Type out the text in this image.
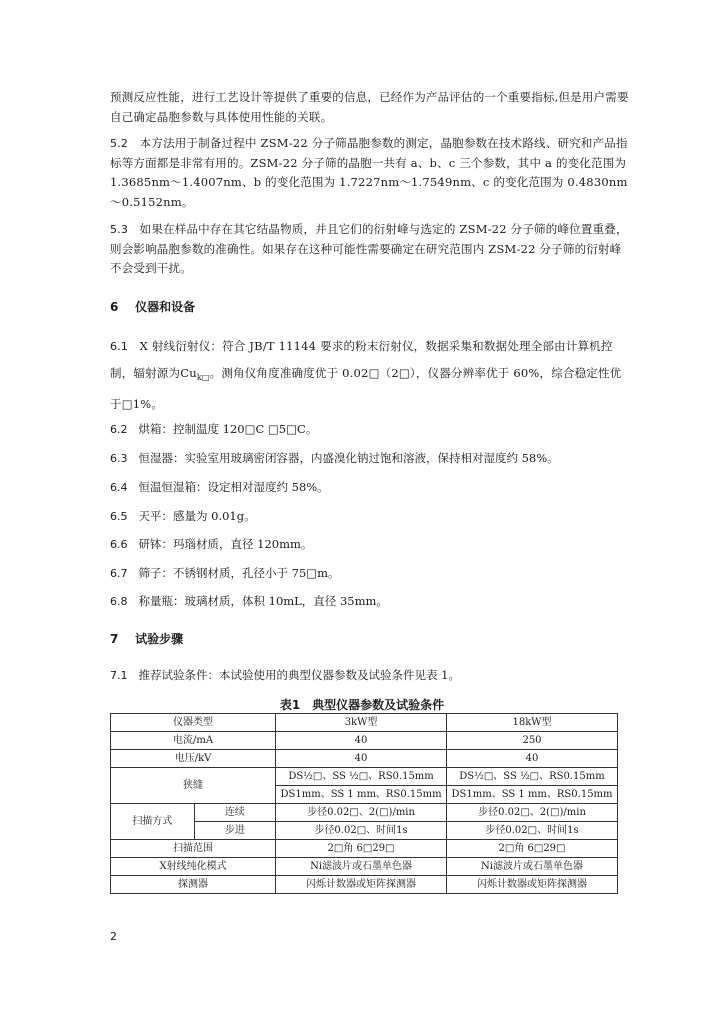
预测反应性能，进行工艺设计等提供了重要的信息，已经作为产品评估的一个重要指标,但是用户需要自己确定晶胞参数与具体使用性能的关联。

5.2 本方法用于制备过程中 ZSM-22 分子筛晶胞参数的测定，晶胞参数在技术路线、研究和产品指标等方面都是非常有用的。ZSM-22 分子筛的晶胞一共有 a、b、c 三个参数，其中 a 的变化范围为 1.3685nm～1.4007nm、b 的变化范围为 1.7227nm～1.7549nm、c 的变化范围为 0.4830nm～0.5152nm。

5.3 如果在样品中存在其它结晶物质，并且它们的衍射峰与选定的 ZSM-22 分子筛的峰位置重叠，则会影响晶胞参数的准确性。如果存在这种可能性需要确定在研究范围内 ZSM-22 分子筛的衍射峰不会受到干扰。

6 仪器和设备

6.1 X 射线衍射仪：符合 JB/T 11144 要求的粉末衍射仪，数据采集和数据处理全部由计算机控制，辐射源为$Cu_{k□}$。测角仪角度准确度优于 0.02□（2□），仪器分辨率优于 60%，综合稳定性优于□1%。

6.2 烘箱：控制温度 120□C □5□C。

6.3 恒湿器：实验室用玻璃密闭容器，内盛溴化钠过饱和溶液，保持相对湿度约 58%。

6.4 恒温恒湿箱：设定相对湿度约 58%。

6.5 天平：感量为 0.01g。

6.6 研钵：玛瑙材质，直径 120mm。

6.7 筛子：不锈钢材质，孔径小于 75□m。

6.8 称量瓶：玻璃材质，体积 10mL，直径 35mm。

7 试验步骤

7.1 推荐试验条件：本试验使用的典型仪器参数及试验条件见表 1。

表1　典型仪器参数及试验条件
仪器类型		3kW型	18kW型
电流/mA		40	250
电压/kV		40	40
狭缝		DS½□、SS ½□、RS0.15mm	DS½□、SS ½□、RS0.15mm
		DS1mm、SS 1 mm、RS0.15mm	DS1mm、SS 1 mm、RS0.15mm
扫描方式	连续	步径0.02□、2(□)/min	步径0.02□、2(□)/min
	步进	步径0.02□、时间1s	步径0.02□、时间1s
扫描范围		2□角 6□29□	2□角 6□29□
X射线纯化模式		Ni滤波片或石墨单色器	Ni滤波片或石墨单色器
探测器		闪烁计数器或矩阵探测器	闪烁计数器或矩阵探测器
2
